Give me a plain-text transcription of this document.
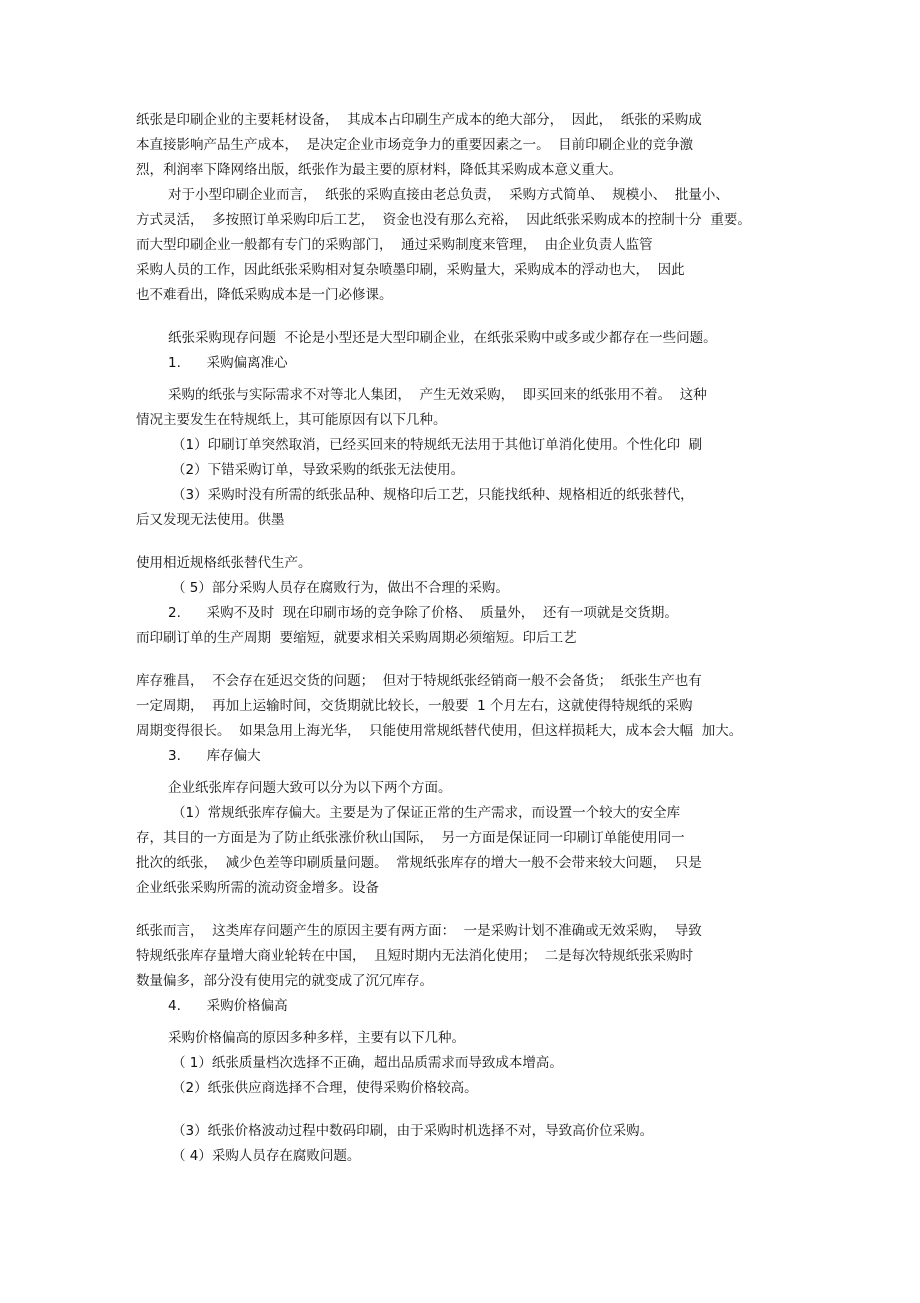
纸张是印刷企业的主要耗材设备，  其成本占印刷生产成本的绝大部分，  因此，  纸张的采购成
本直接影响产品生产成本，  是决定企业市场竞争力的重要因素之一。  目前印刷企业的竞争激
烈，利润率下降网络出版，纸张作为最主要的原材料，降低其采购成本意义重大。
对于小型印刷企业而言，  纸张的采购直接由老总负责，  采购方式简单、  规模小、  批量小、
方式灵活，  多按照订单采购印后工艺，  资金也没有那么充裕，  因此纸张采购成本的控制十分  重要。
而大型印刷企业一般都有专门的采购部门，  通过采购制度来管理，  由企业负责人监管
采购人员的工作，因此纸张采购相对复杂喷墨印刷，采购量大，采购成本的浮动也大，  因此
也不难看出，降低采购成本是一门必修课。
纸张采购现存问题  不论是小型还是大型印刷企业，在纸张采购中或多或少都存在一些问题。
1.      采购偏离准心
采购的纸张与实际需求不对等北人集团，  产生无效采购，  即买回来的纸张用不着。  这种
情况主要发生在特规纸上，其可能原因有以下几种。
（1）印刷订单突然取消，已经买回来的特规纸无法用于其他订单消化使用。个性化印  刷
（2）下错采购订单，导致采购的纸张无法使用。
（3）采购时没有所需的纸张品种、规格印后工艺，只能找纸种、规格相近的纸张替代，
后又发现无法使用。供墨
使用相近规格纸张替代生产。
（ 5）部分采购人员存在腐败行为，做出不合理的采购。
2.      采购不及时  现在印刷市场的竞争除了价格、  质量外，  还有一项就是交货期。
而印刷订单的生产周期  要缩短，就要求相关采购周期必须缩短。印后工艺
库存雅昌，  不会存在延迟交货的问题；  但对于特规纸张经销商一般不会备货；  纸张生产也有
一定周期，  再加上运输时间，交货期就比较长，一般要  1 个月左右，这就使得特规纸的采购
周期变得很长。  如果急用上海光华，  只能使用常规纸替代使用，但这样损耗大，成本会大幅  加大。
3.      库存偏大
企业纸张库存问题大致可以分为以下两个方面。
（1）常规纸张库存偏大。主要是为了保证正常的生产需求，而设置一个较大的安全库
存，其目的一方面是为了防止纸张涨价秋山国际，  另一方面是保证同一印刷订单能使用同一
批次的纸张，  减少色差等印刷质量问题。  常规纸张库存的增大一般不会带来较大问题，  只是
企业纸张采购所需的流动资金增多。设备
纸张而言，  这类库存问题产生的原因主要有两方面：  一是采购计划不准确或无效采购，  导致
特规纸张库存量增大商业轮转在中国，  且短时期内无法消化使用；  二是每次特规纸张采购时
数量偏多，部分没有使用完的就变成了沉冗库存。
4.      采购价格偏高
采购价格偏高的原因多种多样，主要有以下几种。
（ 1）纸张质量档次选择不正确，超出品质需求而导致成本增高。
（2）纸张供应商选择不合理，使得采购价格较高。
（3）纸张价格波动过程中数码印刷，由于采购时机选择不对，导致高价位采购。
（ 4）采购人员存在腐败问题。
